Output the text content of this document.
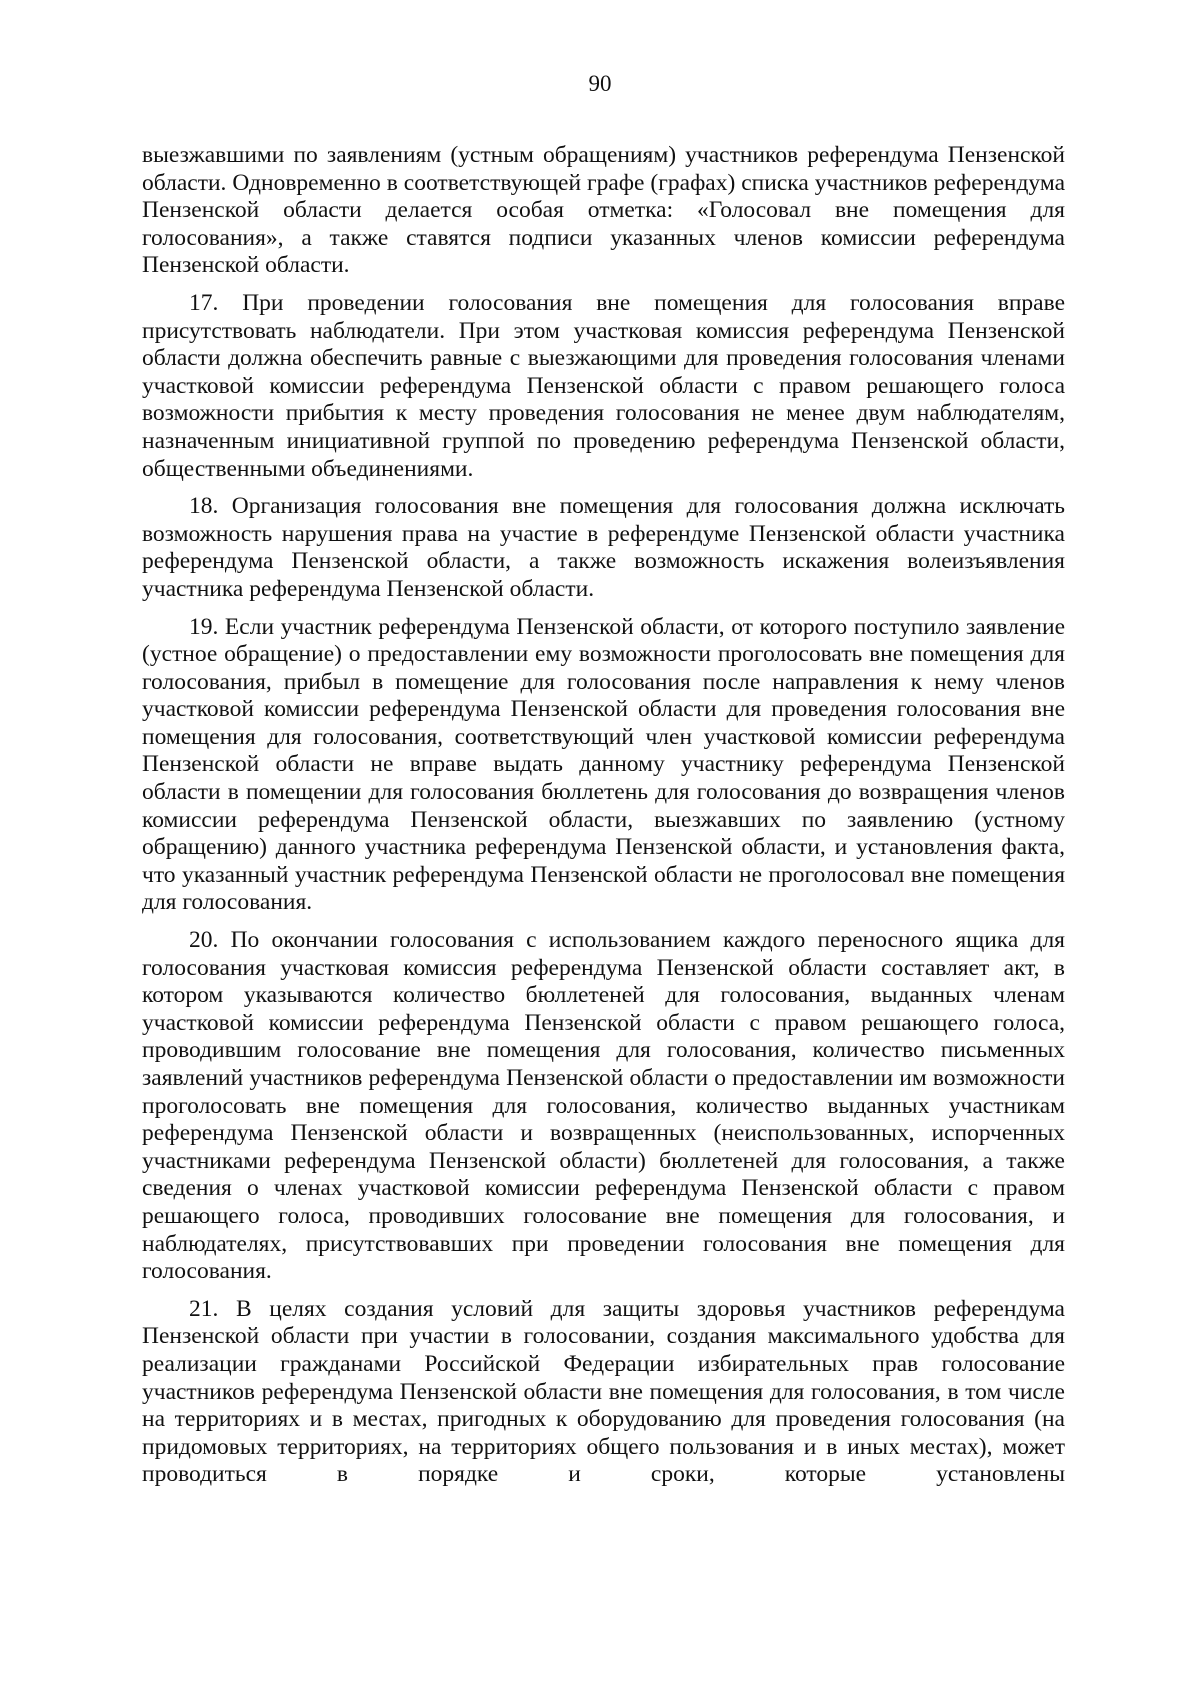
90

выезжавшими по заявлениям (устным обращениям) участников референдума Пензенской области. Одновременно в соответствующей графе (графах) списка участников референдума Пензенской области делается особая отметка: «Голосовал вне помещения для голосования», а также ставятся подписи указанных членов комиссии референдума Пензенской области.

17. При проведении голосования вне помещения для голосования вправе присутствовать наблюдатели. При этом участковая комиссия референдума Пензенской области должна обеспечить равные с выезжающими для проведения голосования членами участковой комиссии референдума Пензенской области с правом решающего голоса возможности прибытия к месту проведения голосования не менее двум наблюдателям, назначенным инициативной группой по проведению референдума Пензенской области, общественными объединениями.

18. Организация голосования вне помещения для голосования должна исключать возможность нарушения права на участие в референдуме Пензенской области участника референдума Пензенской области, а также возможность искажения волеизъявления участника референдума Пензенской области.

19. Если участник референдума Пензенской области, от которого поступило заявление (устное обращение) о предоставлении ему возможности проголосовать вне помещения для голосования, прибыл в помещение для голосования после направления к нему членов участковой комиссии референдума Пензенской области для проведения голосования вне помещения для голосования, соответствующий член участковой комиссии референдума Пензенской области не вправе выдать данному участнику референдума Пензенской области в помещении для голосования бюллетень для голосования до возвращения членов комиссии референдума Пензенской области, выезжавших по заявлению (устному обращению) данного участника референдума Пензенской области, и установления факта, что указанный участник референдума Пензенской области не проголосовал вне помещения для голосования.

20. По окончании голосования с использованием каждого переносного ящика для голосования участковая комиссия референдума Пензенской области составляет акт, в котором указываются количество бюллетеней для голосования, выданных членам участковой комиссии референдума Пензенской области с правом решающего голоса, проводившим голосование вне помещения для голосования, количество письменных заявлений участников референдума Пензенской области о предоставлении им возможности проголосовать вне помещения для голосования, количество выданных участникам референдума Пензенской области и возвращенных (неиспользованных, испорченных участниками референдума Пензенской области) бюллетеней для голосования, а также сведения о членах участковой комиссии референдума Пензенской области с правом решающего голоса, проводивших голосование вне помещения для голосования, и наблюдателях, присутствовавших при проведении голосования вне помещения для голосования.

21. В целях создания условий для защиты здоровья участников референдума Пензенской области при участии в голосовании, создания максимального удобства для реализации гражданами Российской Федерации избирательных прав голосование участников референдума Пензенской области вне помещения для голосования, в том числе на территориях и в местах, пригодных к оборудованию для проведения голосования (на придомовых территориях, на территориях общего пользования и в иных местах), может проводиться в порядке и сроки, которые установлены
